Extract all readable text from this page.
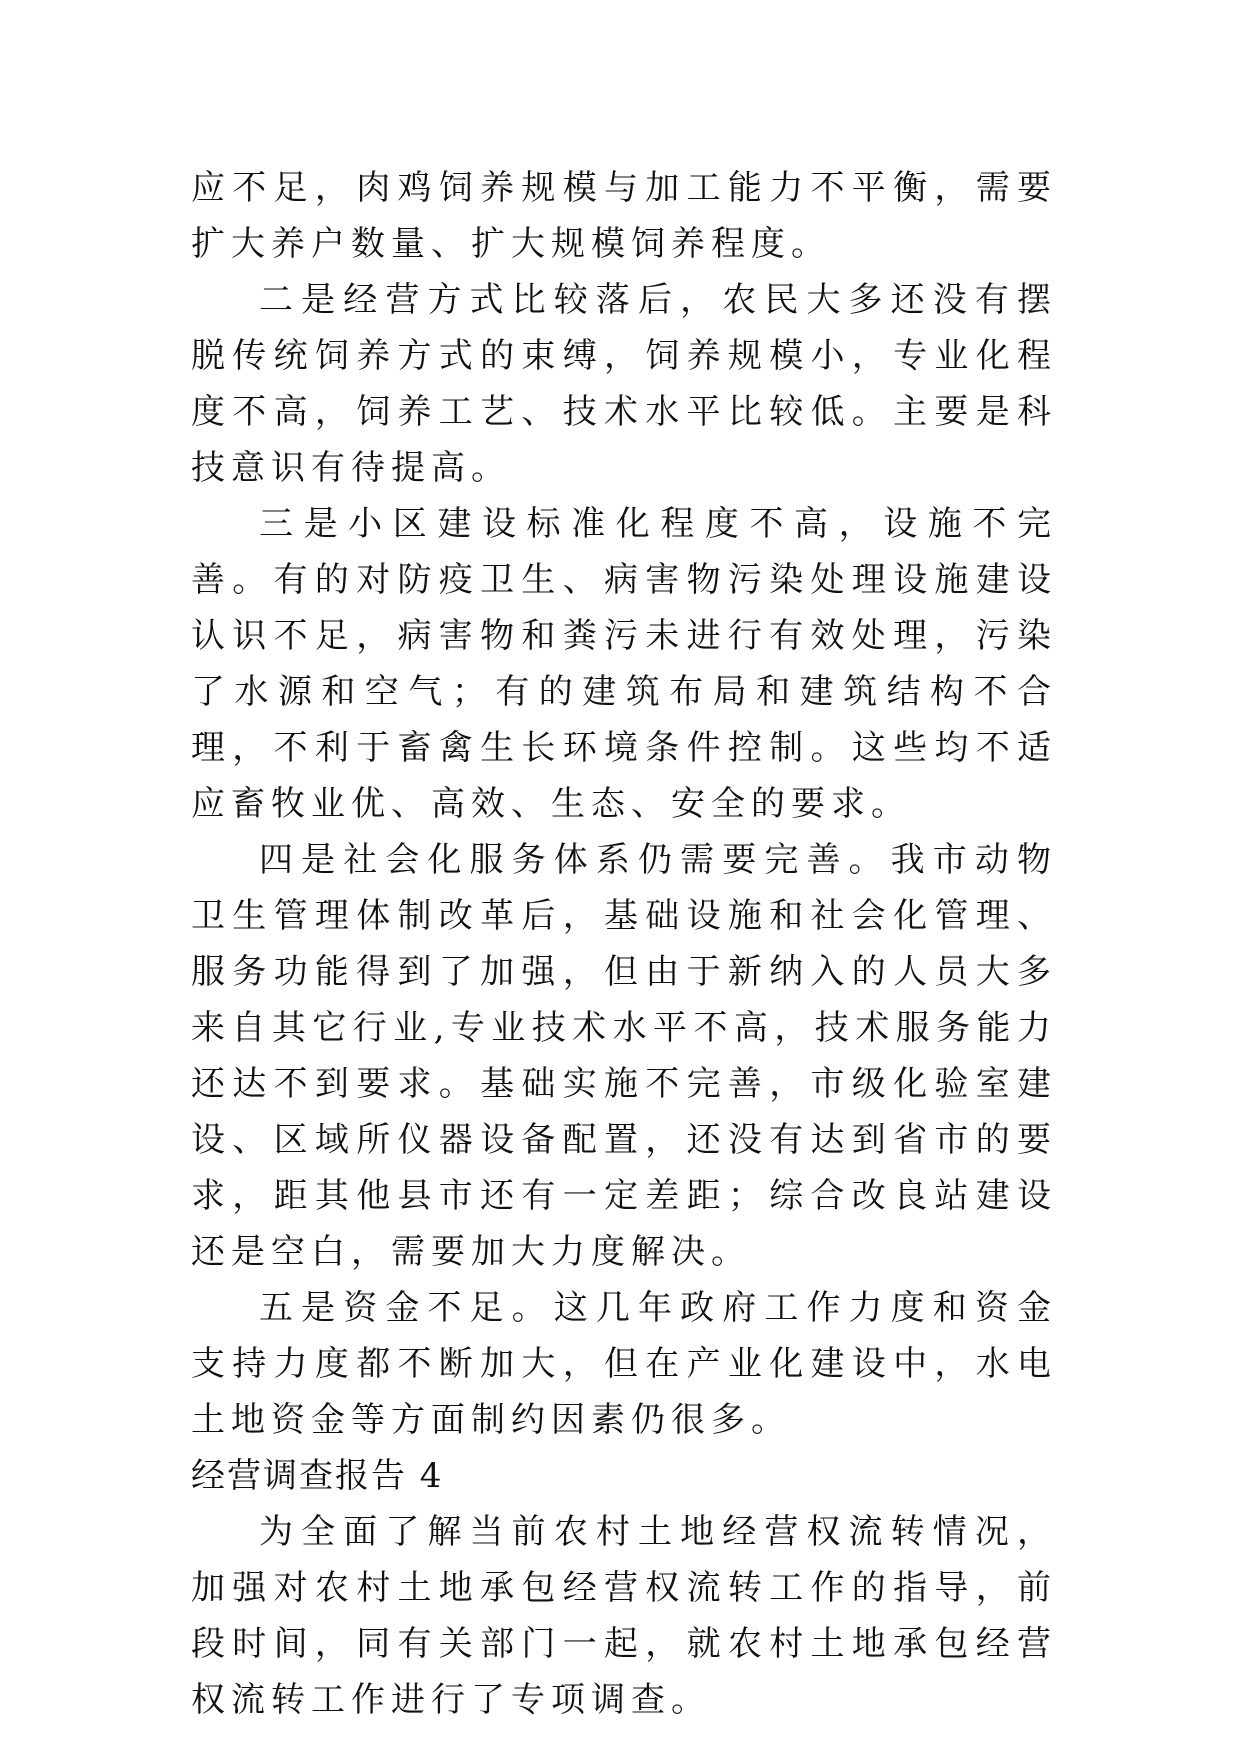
应不足，肉鸡饲养规模与加工能力不平衡，需要扩大养户数量、扩大规模饲养程度。

二是经营方式比较落后，农民大多还没有摆脱传统饲养方式的束缚，饲养规模小，专业化程度不高，饲养工艺、技术水平比较低。主要是科技意识有待提高。

三是小区建设标准化程度不高，设施不完善。有的对防疫卫生、病害物污染处理设施建设认识不足，病害物和粪污未进行有效处理，污染了水源和空气；有的建筑布局和建筑结构不合理，不利于畜禽生长环境条件控制。这些均不适应畜牧业优、高效、生态、安全的要求。

四是社会化服务体系仍需要完善。我市动物卫生管理体制改革后，基础设施和社会化管理、服务功能得到了加强，但由于新纳入的人员大多来自其它行业,专业技术水平不高，技术服务能力还达不到要求。基础实施不完善，市级化验室建设、区域所仪器设备配置，还没有达到省市的要求，距其他县市还有一定差距；综合改良站建设还是空白，需要加大力度解决。

五是资金不足。这几年政府工作力度和资金支持力度都不断加大，但在产业化建设中，水电土地资金等方面制约因素仍很多。

经营调查报告 4

为全面了解当前农村土地经营权流转情况，加强对农村土地承包经营权流转工作的指导，前段时间，同有关部门一起，就农村土地承包经营权流转工作进行了专项调查。
